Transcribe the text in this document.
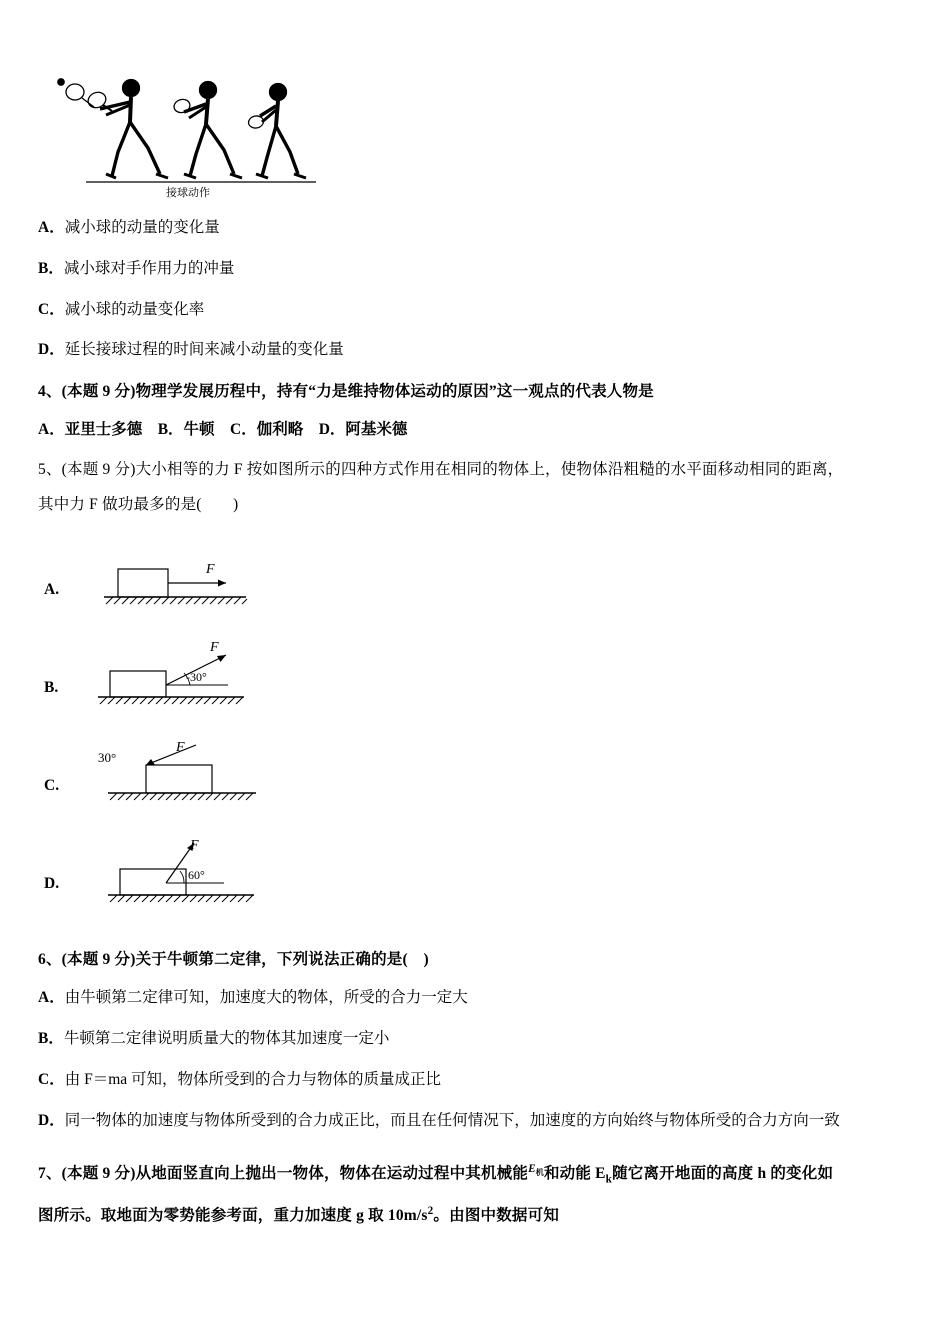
接球动作

A．减小球的动量的变化量

B．减小球对手作用力的冲量

C．减小球的动量变化率

D．延长接球过程的时间来减小动量的变化量

4、(本题 9 分)物理学发展历程中，持有“力是维持物体运动的原因”这一观点的代表人物是

A．亚里士多德　B．牛顿　C．伽利略　D．阿基米德

5、(本题 9 分)大小相等的力 F 按如图所示的四种方式作用在相同的物体上，使物体沿粗糙的水平面移动相同的距离，

其中力 F 做功最多的是(　　)

A.
F
B.
F
-30°
C.
F
30°
D.
F
60°

6、(本题 9 分)关于牛顿第二定律，下列说法正确的是(　)

A．由牛顿第二定律可知，加速度大的物体，所受的合力一定大

B．牛顿第二定律说明质量大的物体其加速度一定小

C．由 F＝ma 可知，物体所受到的合力与物体的质量成正比

D．同一物体的加速度与物体所受到的合力成正比，而且在任何情况下，加速度的方向始终与物体所受的合力方向一致

7、(本题 9 分)从地面竖直向上抛出一物体，物体在运动过程中其机械能$^{E_机}$和动能 $E_k$随它离开地面的高度 h 的变化如

图所示。取地面为零势能参考面，重力加速度 g 取 $10m/s^2$。由图中数据可知
